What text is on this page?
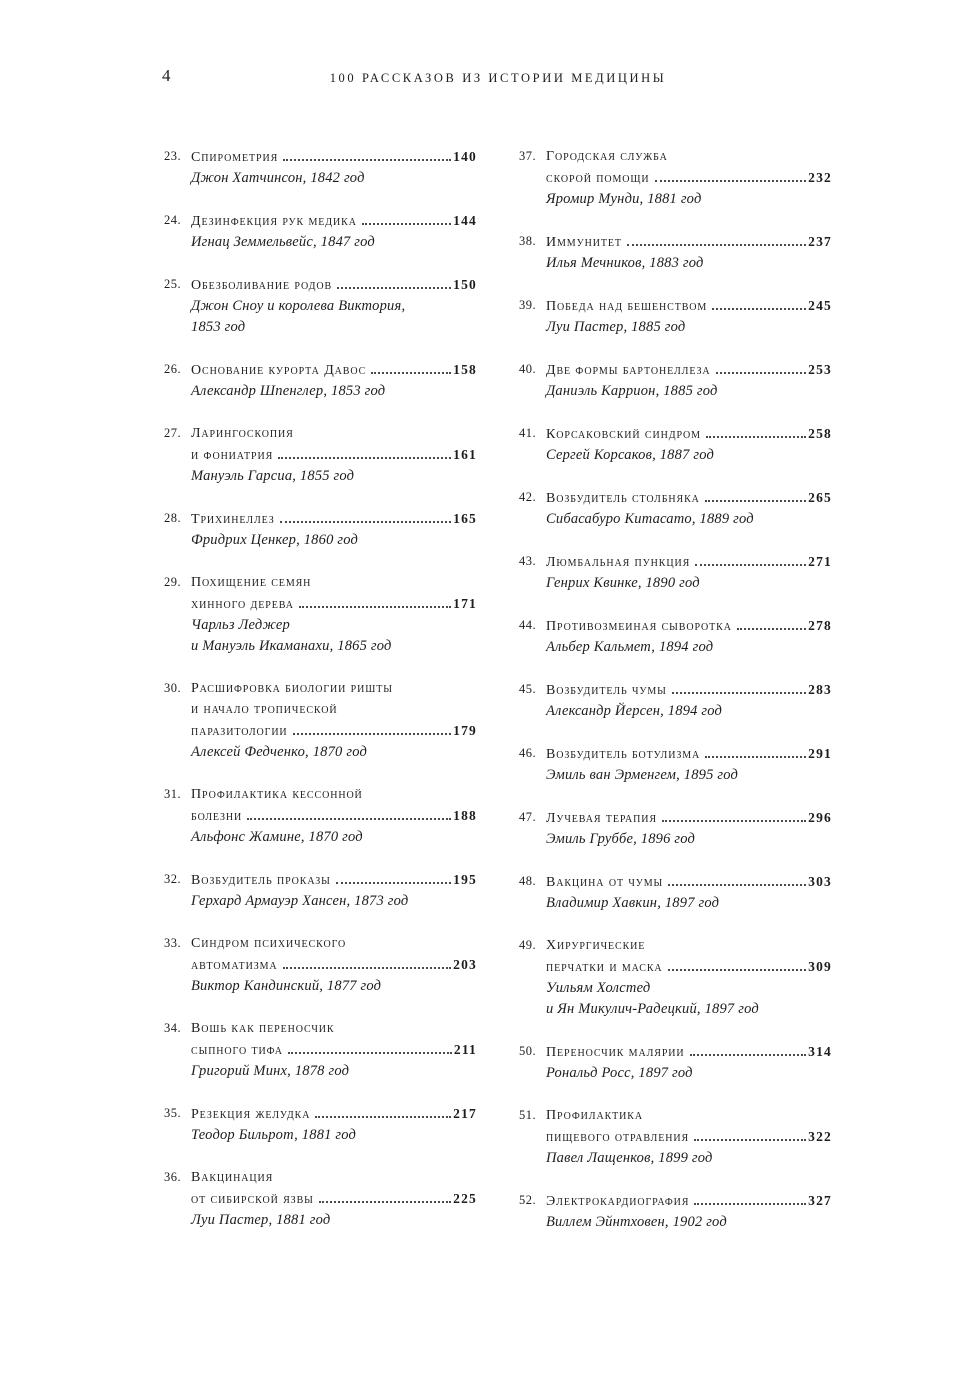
4	100 РАССКАЗОВ ИЗ ИСТОРИИ МЕДИЦИНЫ
23. Спирометрия	140
Джон Хатчинсон, 1842 год
24. Дезинфекция рук медика	144
Игнац Земмельвейс, 1847 год
25. Обезболивание родов	150
Джон Сноу и королева Виктория,
1853 год
26. Основание курорта Давос	158
Александр Шпенглер, 1853 год
27. Ларингоскопия
и фониатрия	161
Мануэль Гарсиа, 1855 год
28. Трихинеллез	165
Фридрих Ценкер, 1860 год
29. Похищение семян
хинного дерева	171
Чарльз Леджер
и Мануэль Икаманахи, 1865 год
30. Расшифровка биологии ришты
и начало тропической
паразитологии	179
Алексей Федченко, 1870 год
31. Профилактика кессонной
болезни	188
Альфонс Жамине, 1870 год
32. Возбудитель проказы	195
Герхард Армауэр Хансен, 1873 год
33. Синдром психического
автоматизма	203
Виктор Кандинский, 1877 год
34. Вошь как переносчик
сыпного тифа	211
Григорий Минх, 1878 год
35. Резекция желудка	217
Теодор Бильрот, 1881 год
36. Вакцинация
от сибирской язвы	225
Луи Пастер, 1881 год
37. Городская служба
скорой помощи	232
Яромир Мунди, 1881 год
38. Иммунитет	237
Илья Мечников, 1883 год
39. Победа над бешенством	245
Луи Пастер, 1885 год
40. Две формы бартонеллеза	253
Даниэль Каррион, 1885 год
41. Корсаковский синдром	258
Сергей Корсаков, 1887 год
42. Возбудитель столбняка	265
Сибасабуро Китасато, 1889 год
43. Люмбальная пункция	271
Генрих Квинке, 1890 год
44. Противозмеиная сыворотка	278
Альбер Кальмет, 1894 год
45. Возбудитель чумы	283
Александр Йерсен, 1894 год
46. Возбудитель ботулизма	291
Эмиль ван Эрменгем, 1895 год
47. Лучевая терапия	296
Эмиль Груббе, 1896 год
48. Вакцина от чумы	303
Владимир Хавкин, 1897 год
49. Хирургические
перчатки и маска	309
Уильям Холстед
и Ян Микулич-Радецкий, 1897 год
50. Переносчик малярии	314
Рональд Росс, 1897 год
51. Профилактика
пищевого отравления	322
Павел Лащенков, 1899 год
52. Электрокардиография	327
Виллем Эйнтховен, 1902 год
